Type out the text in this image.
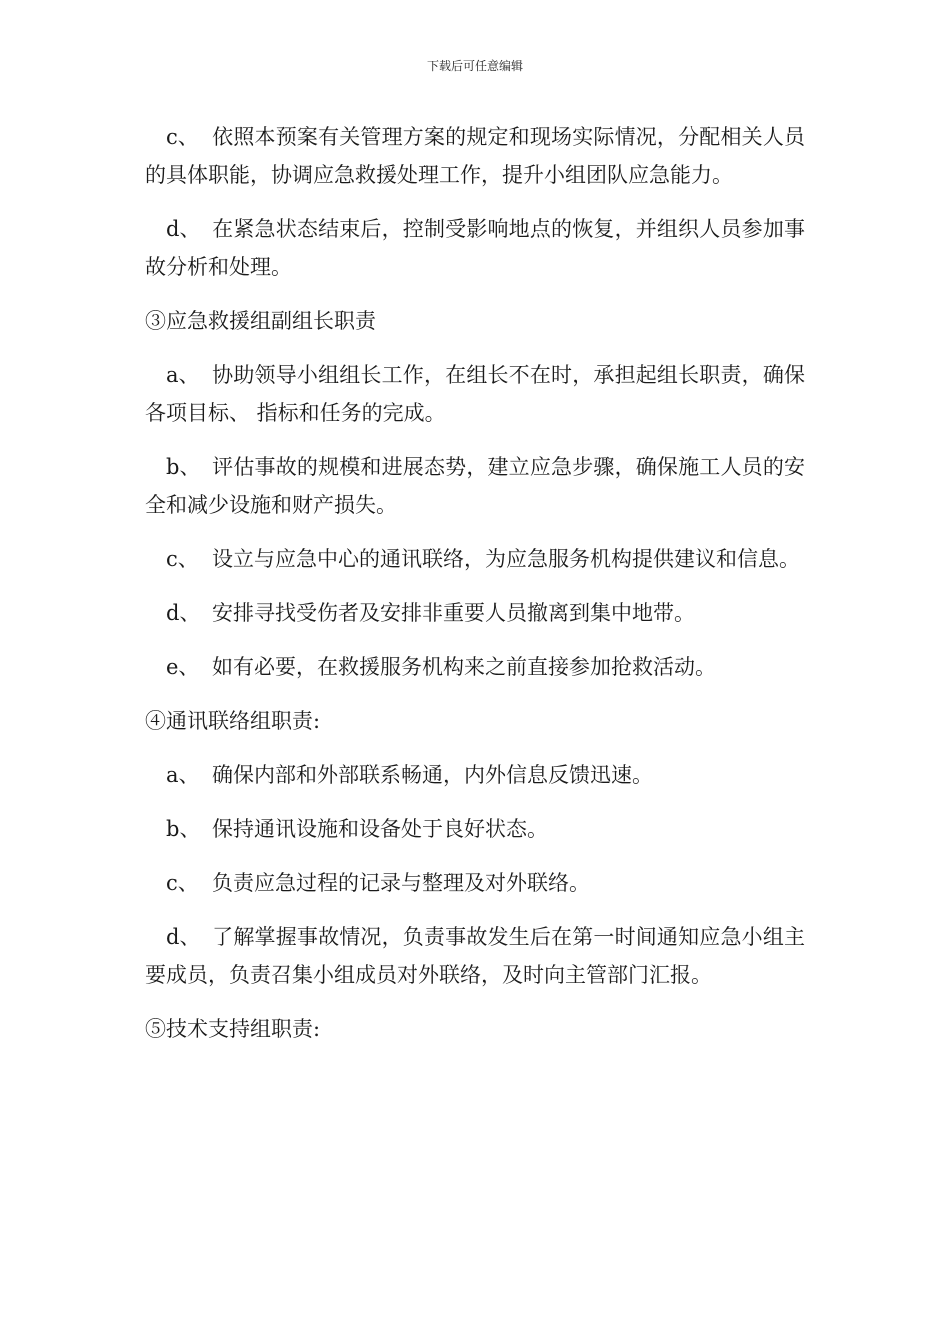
下载后可任意编辑

c、 依照本预案有关管理方案的规定和现场实际情况，分配相关人员的具体职能，协调应急救援处理工作，提升小组团队应急能力。

d、 在紧急状态结束后，控制受影响地点的恢复，并组织人员参加事故分析和处理。

③应急救援组副组长职责

a、 协助领导小组组长工作，在组长不在时，承担起组长职责，确保各项目标、 指标和任务的完成。

b、 评估事故的规模和进展态势，建立应急步骤，确保施工人员的安全和减少设施和财产损失。

c、 设立与应急中心的通讯联络，为应急服务机构提供建议和信息。

d、 安排寻找受伤者及安排非重要人员撤离到集中地带。

e、 如有必要，在救援服务机构来之前直接参加抢救活动。

④通讯联络组职责:

a、 确保内部和外部联系畅通，内外信息反馈迅速。

b、 保持通讯设施和设备处于良好状态。

c、 负责应急过程的记录与整理及对外联络。

d、 了解掌握事故情况，负责事故发生后在第一时间通知应急小组主要成员，负责召集小组成员对外联络，及时向主管部门汇报。

⑤技术支持组职责:
